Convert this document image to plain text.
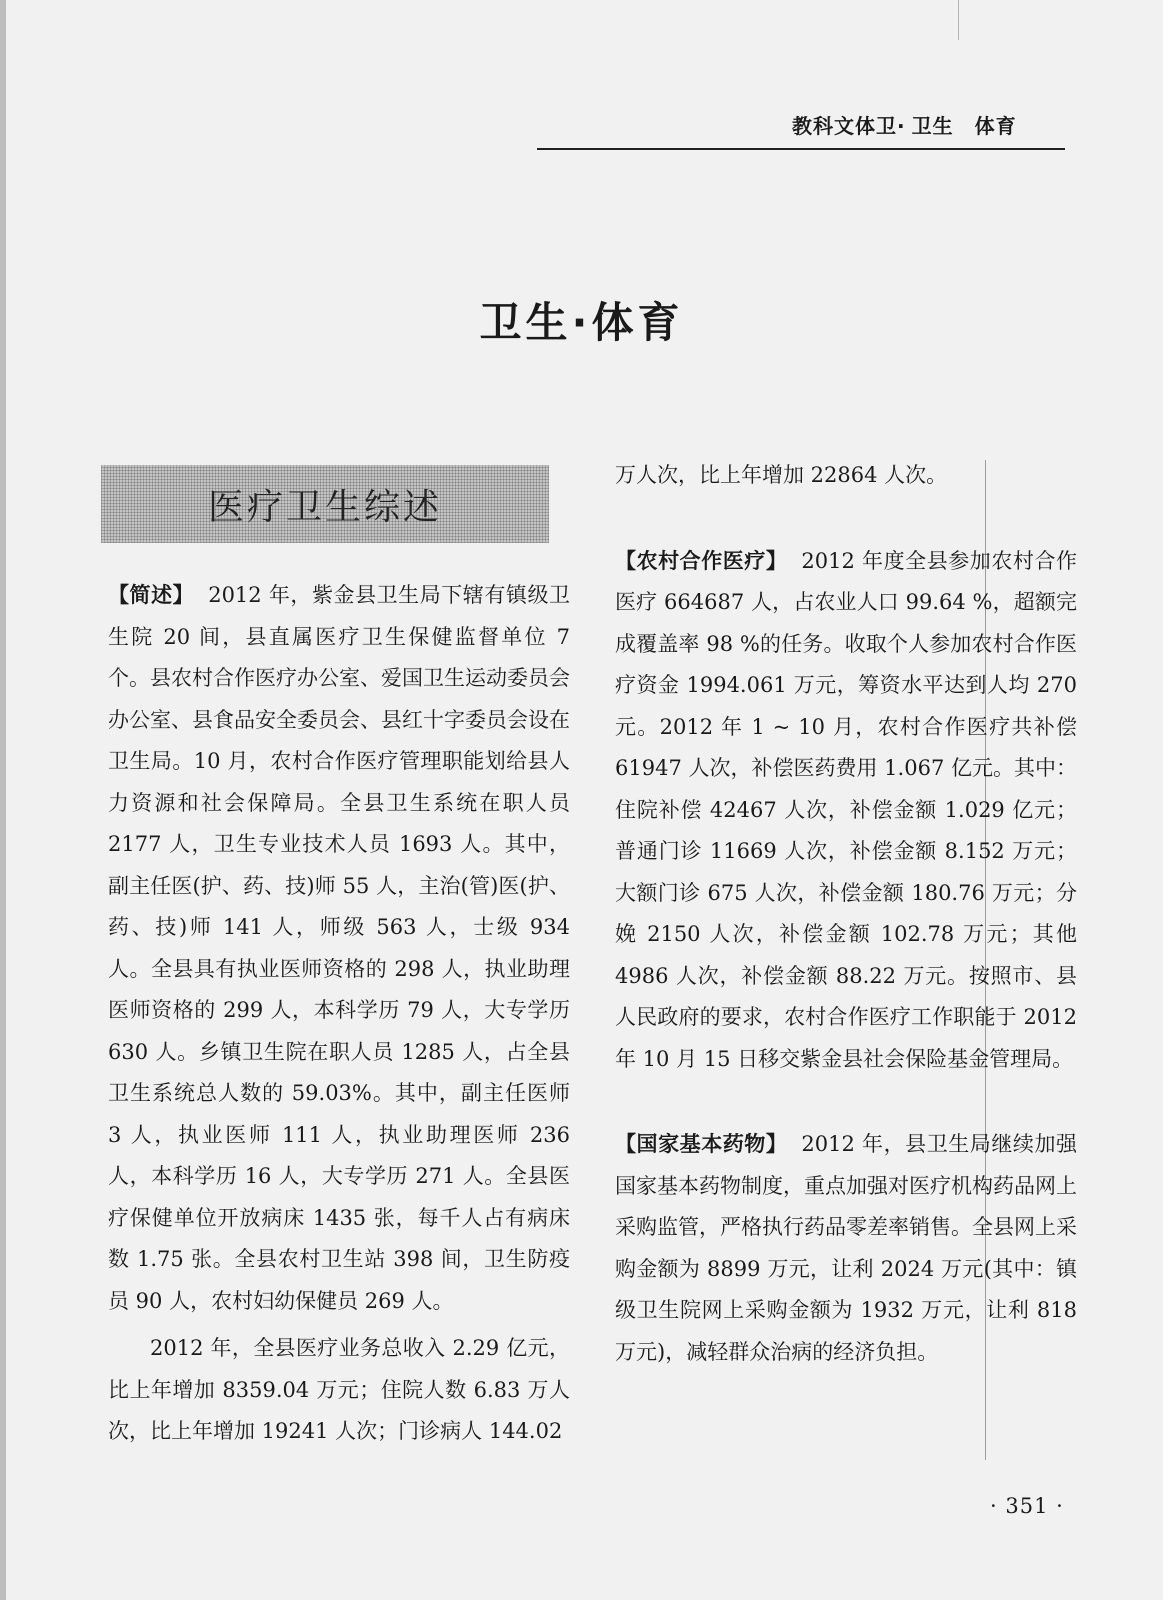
教科文体卫· 卫生　体育
卫生·体育
医疗卫生综述

【简述】 2012 年，紫金县卫生局下辖有镇级卫生院 20 间，县直属医疗卫生保健监督单位 7 个。县农村合作医疗办公室、爱国卫生运动委员会办公室、县食品安全委员会、县红十字委员会设在卫生局。10 月，农村合作医疗管理职能划给县人力资源和社会保障局。全县卫生系统在职人员 2177 人，卫生专业技术人员 1693 人。其中，副主任医(护、药、技)师 55 人，主治(管)医(护、药、技)师 141 人，师级 563 人，士级 934 人。全县具有执业医师资格的 298 人，执业助理医师资格的 299 人，本科学历 79 人，大专学历 630 人。乡镇卫生院在职人员 1285 人，占全县卫生系统总人数的 59.03%。其中，副主任医师 3 人，执业医师 111 人，执业助理医师 236 人，本科学历 16 人，大专学历 271 人。全县医疗保健单位开放病床 1435 张，每千人占有病床数 1.75 张。全县农村卫生站 398 间，卫生防疫员 90 人，农村妇幼保健员 269 人。

2012 年，全县医疗业务总收入 2.29 亿元，比上年增加 8359.04 万元；住院人数 6.83 万人次，比上年增加 19241 人次；门诊病人 144.02

万人次，比上年增加 22864 人次。

【农村合作医疗】 2012 年度全县参加农村合作医疗 664687 人，占农业人口 99.64 %，超额完成覆盖率 98 %的任务。收取个人参加农村合作医疗资金 1994.061 万元，筹资水平达到人均 270 元。2012 年 1 ~ 10 月，农村合作医疗共补偿 61947 人次，补偿医药费用 1.067 亿元。其中：住院补偿 42467 人次，补偿金额 1.029 亿元；普通门诊 11669 人次，补偿金额 8.152 万元；大额门诊 675 人次，补偿金额 180.76 万元；分娩 2150 人次，补偿金额 102.78 万元；其他 4986 人次，补偿金额 88.22 万元。按照市、县人民政府的要求，农村合作医疗工作职能于 2012 年 10 月 15 日移交紫金县社会保险基金管理局。

【国家基本药物】 2012 年，县卫生局继续加强国家基本药物制度，重点加强对医疗机构药品网上采购监管，严格执行药品零差率销售。全县网上采购金额为 8899 万元，让利 2024 万元(其中：镇级卫生院网上采购金额为 1932 万元，让利 818 万元)，减轻群众治病的经济负担。

· 351 ·
